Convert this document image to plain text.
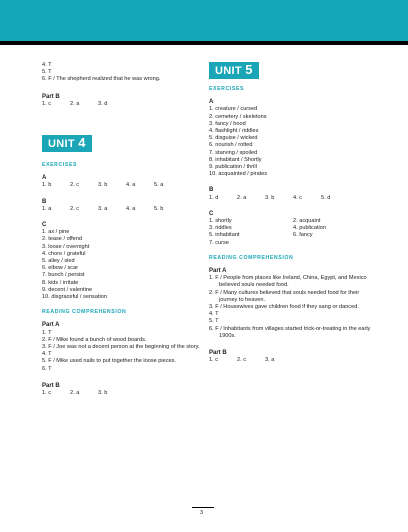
4. T
5. T
6. F / The shepherd realized that he was wrong.
Part B
1. c	2. a	3. d
UNIT 4
EXERCISES
A
1. b	2. c	3. b	4. a	5. a
B
1. a	2. c	3. a	4. a	5. b
C
1. ax / pine
2. tease / offend
3. loose / overnight
4. chore / grateful
5. alley / sled
6. elbow / scar
7. bunch / persist
8. kids / irritate
9. decent / valentine
10. disgraceful / sensation
READING COMPREHENSION
Part A
1. T
2. F / Mike found a bunch of wood boards.
3. F / Joe was not a decent person at the beginning of the story.
4. T
5. F / Mike used nails to put together the loose pieces.
6. T
Part B
1. c	2. a	3. b
UNIT 5
EXERCISES
A
1. creature / cursed
2. cemetery / skeletons
3. fancy / hood
4. flashlight / riddles
5. disguise / wicked
6. nourish / rotted
7. starving / spoiled
8. inhabitant / Shortly
9. publication / thrill
10. acquainted / pirates
B
1. d	2. a	3. b	4. c	5. d
C
1. shortly	2. acquaint
3. riddles	4. publication
5. inhabitant	6. fancy
7. curse
READING COMPREHENSION
Part A
1. F / People from places like Ireland, China, Egypt, and Mexico believed souls needed food.
2. F / Many cultures believed that souls needed food for their journey to heaven.
3. F / Housewives gave children food if they sang or danced.
4. T
5. T
6. F / Inhabitants from villages started trick-or-treating in the early 1900s.
Part B
1. c	2. c	3. a
3
